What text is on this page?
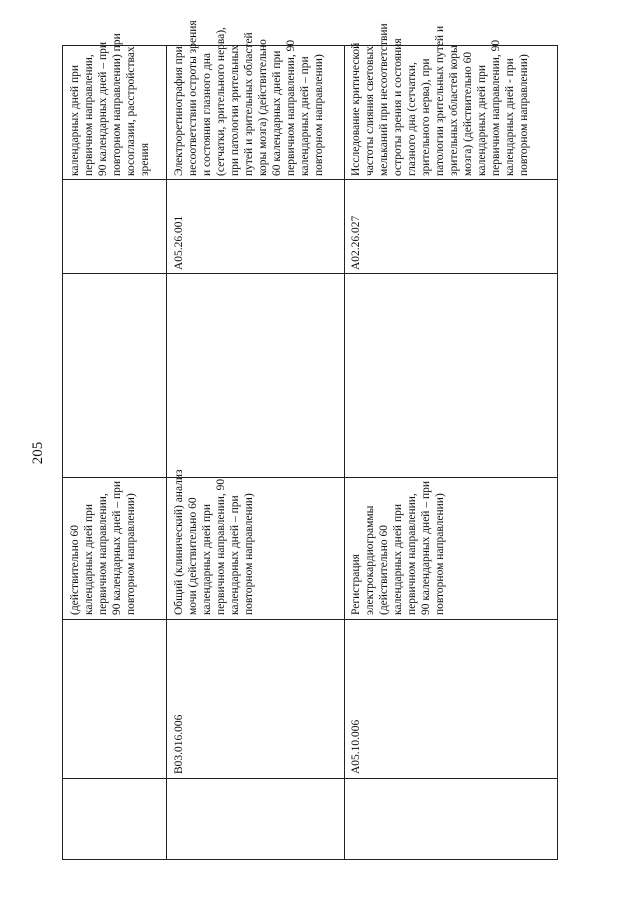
205
(действительно 60
календарных дней при
первичном направлении,
90 календарных дней – при
повторном направлении)
календарных дней при
первичном направлении,
90 календарных дней – при
повторном направлении) при
косоглазии, расстройствах
зрения
B03.016.006
Общий (клинический) анализ
мочи (действительно 60
календарных дней при
первичном направлении, 90
календарных дней – при
повторном направлении)
A05.26.001
Электроретинография при
несоответствии остроты зрения
и состояния глазного дна
(сетчатки, зрительного нерва),
при патологии зрительных
путей и зрительных областей
коры мозга) (действительно
60 календарных дней при
первичном направлении, 90
календарных дней – при
повторном направлении)
A05.10.006
Регистрация
электрокардиограммы
(действительно 60
календарных дней при
первичном направлении,
90 календарных дней – при
повторном направлении)
A02.26.027
Исследование критической
частоты слияния световых
мельканий при несоответствии
остроты зрения и состояния
глазного дна (сетчатки,
зрительного нерва), при
патологии зрительных путей и
зрительных областей коры
мозга) (действительно 60
календарных дней при
первичном направлении, 90
календарных дней - при
повторном направлении)
